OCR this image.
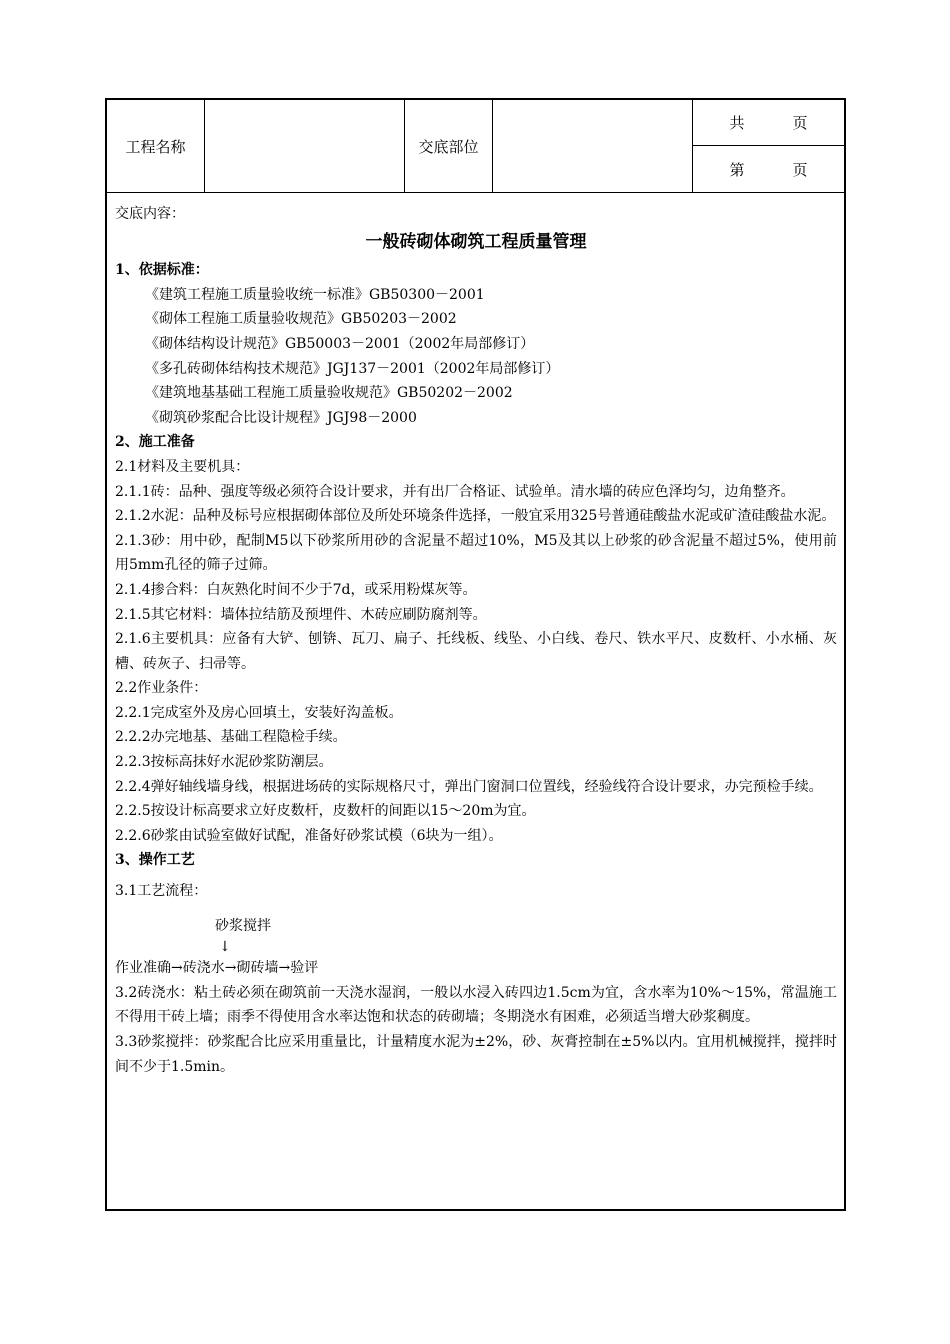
工程名称	交底部位
共	页
第	页
交底内容：
一般砖砌体砌筑工程质量管理
1、依据标准：
《建筑工程施工质量验收统一标准》GB50300－2001
《砌体工程施工质量验收规范》GB50203－2002
《砌体结构设计规范》GB50003－2001（2002年局部修订）
《多孔砖砌体结构技术规范》JGJ137－2001（2002年局部修订）
《建筑地基基础工程施工质量验收规范》GB50202－2002
《砌筑砂浆配合比设计规程》JGJ98－2000
2、施工准备
2.1材料及主要机具：
2.1.1砖：品种、强度等级必须符合设计要求，并有出厂合格证、试验单。清水墙的砖应色泽均匀，边角整齐。
2.1.2水泥：品种及标号应根据砌体部位及所处环境条件选择，一般宜采用325号普通硅酸盐水泥或矿渣硅酸盐水泥。
2.1.3砂：用中砂，配制M5以下砂浆所用砂的含泥量不超过10%，M5及其以上砂浆的砂含泥量不超过5%，使用前用5mm孔径的筛子过筛。
2.1.4掺合料：白灰熟化时间不少于7d，或采用粉煤灰等。
2.1.5其它材料：墙体拉结筋及预埋件、木砖应刷防腐剂等。
2.1.6主要机具：应备有大铲、刨锛、瓦刀、扁子、托线板、线坠、小白线、卷尺、铁水平尺、皮数杆、小水桶、灰槽、砖灰子、扫帚等。
2.2作业条件：
2.2.1完成室外及房心回填土，安装好沟盖板。
2.2.2办完地基、基础工程隐检手续。
2.2.3按标高抹好水泥砂浆防潮层。
2.2.4弹好轴线墙身线，根据进场砖的实际规格尺寸，弹出门窗洞口位置线，经验线符合设计要求，办完预检手续。
2.2.5按设计标高要求立好皮数杆，皮数杆的间距以15～20m为宜。
2.2.6砂浆由试验室做好试配，准备好砂浆试模（6块为一组）。
3、操作工艺
3.1工艺流程：
砂浆搅拌
↓
作业准确→砖浇水→砌砖墙→验评
3.2砖浇水：粘土砖必须在砌筑前一天浇水湿润，一般以水浸入砖四边1.5cm为宜，含水率为10%～15%，常温施工不得用干砖上墙；雨季不得使用含水率达饱和状态的砖砌墙；冬期浇水有困难，必须适当增大砂浆稠度。
3.3砂浆搅拌：砂浆配合比应采用重量比，计量精度水泥为±2%，砂、灰膏控制在±5%以内。宜用机械搅拌，搅拌时间不少于1.5min。
